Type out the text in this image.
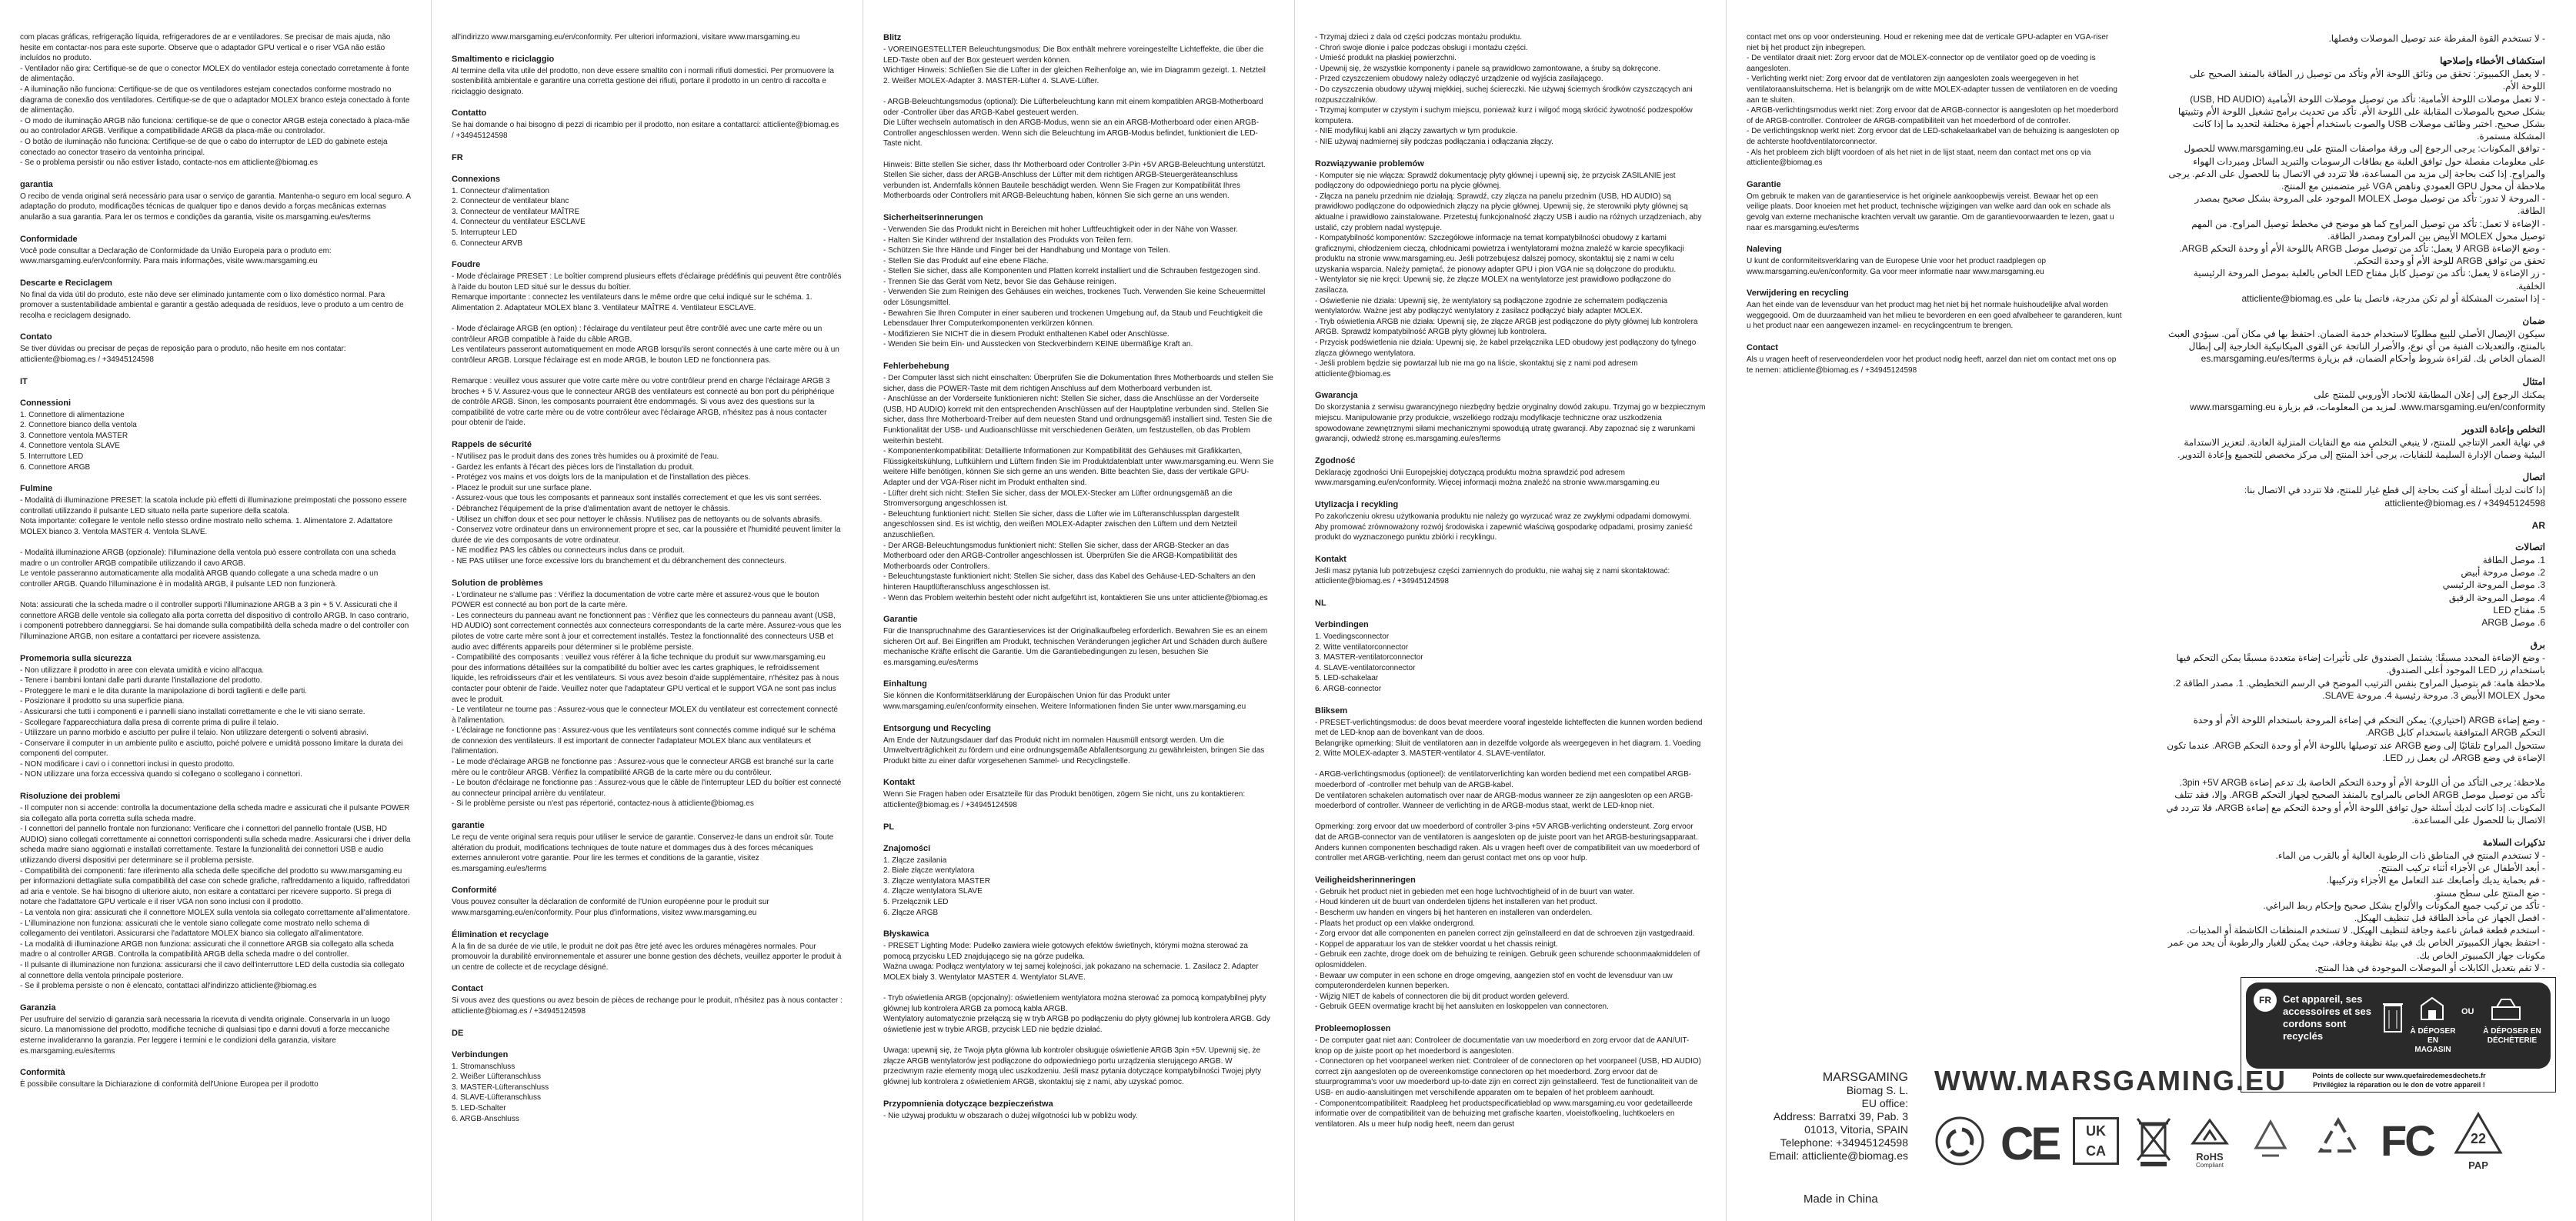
com placas gráficas, refrigeração líquida, refrigeradores de ar e ventiladores. Se precisar de mais ajuda, não hesite em contactar-nos para este suporte. Observe que o adaptador GPU vertical e o riser VGA não estão incluídos no produto.
- Ventilador não gira: Certifique-se de que o conector MOLEX do ventilador esteja conectado corretamente à fonte de alimentação.
- A iluminação não funciona: Certifique-se de que os ventiladores estejam conectados conforme mostrado no diagrama de conexão dos ventiladores. Certifique-se de que o adaptador MOLEX branco esteja conectado à fonte de alimentação.
- O modo de iluminação ARGB não funciona: certifique-se de que o conector ARGB esteja conectado à placa-mãe ou ao controlador ARGB. Verifique a compatibilidade ARGB da placa-mãe ou controlador.
- O botão de iluminação não funciona: Certifique-se de que o cabo do interruptor de LED do gabinete esteja conectado ao conector traseiro da ventoinha principal.
- Se o problema persistir ou não estiver listado, contacte-nos em atticliente@biomag.es
garantia
O recibo de venda original será necessário para usar o serviço de garantia. Mantenha-o seguro em local seguro. A adaptação do produto, modificações técnicas de qualquer tipo e danos devido a forças mecânicas externas anularão a sua garantia. Para ler os termos e condições da garantia, visite os.marsgaming.eu/es/terms
Conformidade
Você pode consultar a Declaração de Conformidade da União Europeia para o produto em: www.marsgaming.eu/en/conformity. Para mais informações, visite www.marsgaming.eu
Descarte e Reciclagem
No final da vida útil do produto, este não deve ser eliminado juntamente com o lixo doméstico normal. Para promover a sustentabilidade ambiental e garantir a gestão adequada de resíduos, leve o produto a um centro de recolha e reciclagem designado.
Contato
Se tiver dúvidas ou precisar de peças de reposição para o produto, não hesite em nos contatar: atticliente@biomag.es / +34945124598
IT
Connessioni
1. Connettore di alimentazione
2. Connettore bianco della ventola
3. Connettore ventola MASTER
4. Connettore ventola SLAVE
5. Interruttore LED
6. Connettore ARGB
Fulmine
- Modalità di illuminazione PRESET: la scatola include più effetti di illuminazione preimpostati che possono essere controllati utilizzando il pulsante LED situato nella parte superiore della scatola.
Nota importante: collegare le ventole nello stesso ordine mostrato nello schema. 1. Alimentatore 2. Adattatore MOLEX bianco 3. Ventola MASTER 4. Ventola SLAVE.

- Modalità illuminazione ARGB (opzionale): l'illuminazione della ventola può essere controllata con una scheda madre o un controller ARGB compatibile utilizzando il cavo ARGB.
Le ventole passeranno automaticamente alla modalità ARGB quando collegate a una scheda madre o un controller ARGB. Quando l'illuminazione è in modalità ARGB, il pulsante LED non funzionerà.

Nota: assicurati che la scheda madre o il controller supporti l'illuminazione ARGB a 3 pin + 5 V. Assicurati che il connettore ARGB delle ventole sia collegato alla porta corretta del dispositivo di controllo ARGB. In caso contrario, i componenti potrebbero danneggiarsi. Se hai domande sulla compatibilità della scheda madre o del controller con l'illuminazione ARGB, non esitare a contattarci per ricevere assistenza.
Promemoria sulla sicurezza
- Non utilizzare il prodotto in aree con elevata umidità e vicino all'acqua.
- Tenere i bambini lontani dalle parti durante l'installazione del prodotto.
- Proteggere le mani e le dita durante la manipolazione di bordi taglienti e delle parti.
- Posizionare il prodotto su una superficie piana.
- Assicurarsi che tutti i componenti e i pannelli siano installati correttamente e che le viti siano serrate.
- Scollegare l'apparecchiatura dalla presa di corrente prima di pulire il telaio.
- Utilizzare un panno morbido e asciutto per pulire il telaio. Non utilizzare detergenti o solventi abrasivi.
- Conservare il computer in un ambiente pulito e asciutto, poiché polvere e umidità possono limitare la durata dei componenti del computer.
- NON modificare i cavi o i connettori inclusi in questo prodotto.
- NON utilizzare una forza eccessiva quando si collegano o scollegano i connettori.
Risoluzione dei problemi
- Il computer non si accende: controlla la documentazione della scheda madre e assicurati che il pulsante POWER sia collegato alla porta corretta sulla scheda madre.
- I connettori del pannello frontale non funzionano: Verificare che i connettori del pannello frontale (USB, HD AUDIO) siano collegati correttamente ai connettori corrispondenti sulla scheda madre. Assicurarsi che i driver della scheda madre siano aggiornati e installati correttamente. Testare la funzionalità dei connettori USB e audio utilizzando diversi dispositivi per determinare se il problema persiste.
- Compatibilità dei componenti: fare riferimento alla scheda delle specifiche del prodotto su www.marsgaming.eu per informazioni dettagliate sulla compatibilità del case con schede grafiche, raffreddamento a liquido, raffreddatori ad aria e ventole. Se hai bisogno di ulteriore aiuto, non esitare a contattarci per ricevere supporto. Si prega di notare che l'adattatore GPU verticale e il riser VGA non sono inclusi con il prodotto.
- La ventola non gira: assicurati che il connettore MOLEX sulla ventola sia collegato correttamente all'alimentatore.
- L'illuminazione non funziona: assicurati che le ventole siano collegate come mostrato nello schema di collegamento dei ventilatori. Assicurarsi che l'adattatore MOLEX bianco sia collegato all'alimentatore.
- La modalità di illuminazione ARGB non funziona: assicurati che il connettore ARGB sia collegato alla scheda madre o al controller ARGB. Controlla la compatibilità ARGB della scheda madre o del controller.
- Il pulsante di illuminazione non funziona: assicurarsi che il cavo dell'interruttore LED della custodia sia collegato al connettore della ventola principale posteriore.
- Se il problema persiste o non è elencato, contattaci all'indirizzo atticliente@biomag.es
Garanzia
Per usufruire del servizio di garanzia sarà necessaria la ricevuta di vendita originale. Conservarla in un luogo sicuro. La manomissione del prodotto, modifiche tecniche di qualsiasi tipo e danni dovuti a forze meccaniche esterne invalideranno la garanzia. Per leggere i termini e le condizioni della garanzia, visitare es.marsgaming.eu/es/terms
Conformità
È possibile consultare la Dichiarazione di conformità dell'Unione Europea per il prodotto
all'indirizzo www.marsgaming.eu/en/conformity. Per ulteriori informazioni, visitare www.marsgaming.eu
Smaltimento e riciclaggio
Al termine della vita utile del prodotto, non deve essere smaltito con i normali rifiuti domestici. Per promuovere la sostenibilità ambientale e garantire una corretta gestione dei rifiuti, portare il prodotto in un centro di raccolta e riciclaggio designato.
Contatto
Se hai domande o hai bisogno di pezzi di ricambio per il prodotto, non esitare a contattarci: atticliente@biomag.es / +34945124598
FR
Connexions
1. Connecteur d'alimentation
2. Connecteur de ventilateur blanc
3. Connecteur de ventilateur MAÎTRE
4. Connecteur du ventilateur ESCLAVE
5. Interrupteur LED
6. Connecteur ARVB
Foudre
- Mode d'éclairage PRESET : Le boîtier comprend plusieurs effets d'éclairage prédéfinis qui peuvent être contrôlés à l'aide du bouton LED situé sur le dessus du boîtier.
Remarque importante : connectez les ventilateurs dans le même ordre que celui indiqué sur le schéma. 1. Alimentation 2. Adaptateur MOLEX blanc 3. Ventilateur MAÎTRE 4. Ventilateur ESCLAVE.

- Mode d'éclairage ARGB (en option) : l'éclairage du ventilateur peut être contrôlé avec une carte mère ou un contrôleur ARGB compatible à l'aide du câble ARGB.
Les ventilateurs passeront automatiquement en mode ARGB lorsqu'ils seront connectés à une carte mère ou à un contrôleur ARGB. Lorsque l'éclairage est en mode ARGB, le bouton LED ne fonctionnera pas.

Remarque : veuillez vous assurer que votre carte mère ou votre contrôleur prend en charge l'éclairage ARGB 3 broches + 5 V. Assurez-vous que le connecteur ARGB des ventilateurs est connecté au bon port du périphérique de contrôle ARGB. Sinon, les composants pourraient être endommagés. Si vous avez des questions sur la compatibilité de votre carte mère ou de votre contrôleur avec l'éclairage ARGB, n'hésitez pas à nous contacter pour obtenir de l'aide.
Rappels de sécurité
- N'utilisez pas le produit dans des zones très humides ou à proximité de l'eau.
- Gardez les enfants à l'écart des pièces lors de l'installation du produit.
- Protégez vos mains et vos doigts lors de la manipulation et de l'installation des pièces.
- Placez le produit sur une surface plane.
- Assurez-vous que tous les composants et panneaux sont installés correctement et que les vis sont serrées.
- Débranchez l'équipement de la prise d'alimentation avant de nettoyer le châssis.
- Utilisez un chiffon doux et sec pour nettoyer le châssis. N'utilisez pas de nettoyants ou de solvants abrasifs.
- Conservez votre ordinateur dans un environnement propre et sec, car la poussière et l'humidité peuvent limiter la durée de vie des composants de votre ordinateur.
- NE modifiez PAS les câbles ou connecteurs inclus dans ce produit.
- NE PAS utiliser une force excessive lors du branchement et du débranchement des connecteurs.
Solution de problèmes
- L'ordinateur ne s'allume pas : Vérifiez la documentation de votre carte mère et assurez-vous que le bouton POWER est connecté au bon port de la carte mère.
- Les connecteurs du panneau avant ne fonctionnent pas : Vérifiez que les connecteurs du panneau avant (USB, HD AUDIO) sont correctement connectés aux connecteurs correspondants de la carte mère. Assurez-vous que les pilotes de votre carte mère sont à jour et correctement installés. Testez la fonctionnalité des connecteurs USB et audio avec différents appareils pour déterminer si le problème persiste.
- Compatibilité des composants : veuillez vous référer à la fiche technique du produit sur www.marsgaming.eu pour des informations détaillées sur la compatibilité du boîtier avec les cartes graphiques, le refroidissement liquide, les refroidisseurs d'air et les ventilateurs. Si vous avez besoin d'aide supplémentaire, n'hésitez pas à nous contacter pour obtenir de l'aide. Veuillez noter que l'adaptateur GPU vertical et le support VGA ne sont pas inclus avec le produit.
- Le ventilateur ne tourne pas : Assurez-vous que le connecteur MOLEX du ventilateur est correctement connecté à l'alimentation.
- L'éclairage ne fonctionne pas : Assurez-vous que les ventilateurs sont connectés comme indiqué sur le schéma de connexion des ventilateurs. Il est important de connecter l'adaptateur MOLEX blanc aux ventilateurs et l'alimentation.
- Le mode d'éclairage ARGB ne fonctionne pas : Assurez-vous que le connecteur ARGB est branché sur la carte mère ou le contrôleur ARGB. Vérifiez la compatibilité ARGB de la carte mère ou du contrôleur.
- Le bouton d'éclairage ne fonctionne pas : Assurez-vous que le câble de l'interrupteur LED du boîtier est connecté au connecteur principal arrière du ventilateur.
- Si le problème persiste ou n'est pas répertorié, contactez-nous à atticliente@biomag.es
garantie
Le reçu de vente original sera requis pour utiliser le service de garantie. Conservez-le dans un endroit sûr. Toute altération du produit, modifications techniques de toute nature et dommages dus à des forces mécaniques externes annuleront votre garantie. Pour lire les termes et conditions de la garantie, visitez es.marsgaming.eu/es/terms
Conformité
Vous pouvez consulter la déclaration de conformité de l'Union européenne pour le produit sur www.marsgaming.eu/en/conformity. Pour plus d'informations, visitez www.marsgaming.eu
Élimination et recyclage
À la fin de sa durée de vie utile, le produit ne doit pas être jeté avec les ordures ménagères normales. Pour promouvoir la durabilité environnementale et assurer une bonne gestion des déchets, veuillez apporter le produit à un centre de collecte et de recyclage désigné.
Contact
Si vous avez des questions ou avez besoin de pièces de rechange pour le produit, n'hésitez pas à nous contacter : atticliente@biomag.es / +34945124598
DE
Verbindungen
1. Stromanschluss
2. Weißer Lüfteranschluss
3. MASTER-Lüfteranschluss
4. SLAVE-Lüfteranschluss
5. LED-Schalter
6. ARGB-Anschluss
Blitz
- VOREINGESTELLTER Beleuchtungsmodus: Die Box enthält mehrere voreingestellte Lichteffekte, die über die LED-Taste oben auf der Box gesteuert werden können.
Wichtiger Hinweis: Schließen Sie die Lüfter in der gleichen Reihenfolge an, wie im Diagramm gezeigt. 1. Netzteil 2. Weißer MOLEX-Adapter 3. MASTER-Lüfter 4. SLAVE-Lüfter.

- ARGB-Beleuchtungsmodus (optional): Die Lüfterbeleuchtung kann mit einem kompatiblen ARGB-Motherboard oder -Controller über das ARGB-Kabel gesteuert werden.
Die Lüfter wechseln automatisch in den ARGB-Modus, wenn sie an ein ARGB-Motherboard oder einen ARGB-Controller angeschlossen werden. Wenn sich die Beleuchtung im ARGB-Modus befindet, funktioniert die LED-Taste nicht.

Hinweis: Bitte stellen Sie sicher, dass Ihr Motherboard oder Controller 3-Pin +5V ARGB-Beleuchtung unterstützt. Stellen Sie sicher, dass der ARGB-Anschluss der Lüfter mit dem richtigen ARGB-Steuergeräteanschluss verbunden ist. Andernfalls können Bauteile beschädigt werden. Wenn Sie Fragen zur Kompatibilität Ihres Motherboards oder Controllers mit ARGB-Beleuchtung haben, können Sie sich gerne an uns wenden.
Sicherheitserinnerungen
- Verwenden Sie das Produkt nicht in Bereichen mit hoher Luftfeuchtigkeit oder in der Nähe von Wasser.
- Halten Sie Kinder während der Installation des Produkts von Teilen fern.
- Schützen Sie Ihre Hände und Finger bei der Handhabung und Montage von Teilen.
- Stellen Sie das Produkt auf eine ebene Fläche.
- Stellen Sie sicher, dass alle Komponenten und Platten korrekt installiert und die Schrauben festgezogen sind.
- Trennen Sie das Gerät vom Netz, bevor Sie das Gehäuse reinigen.
- Verwenden Sie zum Reinigen des Gehäuses ein weiches, trockenes Tuch. Verwenden Sie keine Scheuermittel oder Lösungsmittel.
- Bewahren Sie Ihren Computer in einer sauberen und trockenen Umgebung auf, da Staub und Feuchtigkeit die Lebensdauer Ihrer Computerkomponenten verkürzen können.
- Modifizieren Sie NICHT die in diesem Produkt enthaltenen Kabel oder Anschlüsse.
- Wenden Sie beim Ein- und Ausstecken von Steckverbindern KEINE übermäßige Kraft an.
Fehlerbehebung
- Der Computer lässt sich nicht einschalten: Überprüfen Sie die Dokumentation Ihres Motherboards und stellen Sie sicher, dass die POWER-Taste mit dem richtigen Anschluss auf dem Motherboard verbunden ist.
- Anschlüsse an der Vorderseite funktionieren nicht: Stellen Sie sicher, dass die Anschlüsse an der Vorderseite (USB, HD AUDIO) korrekt mit den entsprechenden Anschlüssen auf der Hauptplatine verbunden sind. Stellen Sie sicher, dass Ihre Motherboard-Treiber auf dem neuesten Stand und ordnungsgemäß installiert sind. Testen Sie die Funktionalität der USB- und Audioanschlüsse mit verschiedenen Geräten, um festzustellen, ob das Problem weiterhin besteht.
- Komponentenkompatibilität: Detaillierte Informationen zur Kompatibilität des Gehäuses mit Grafikkarten, Flüssigkeitskühlung, Luftkühlern und Lüftern finden Sie im Produktdatenblatt unter www.marsgaming.eu. Wenn Sie weitere Hilfe benötigen, können Sie sich gerne an uns wenden. Bitte beachten Sie, dass der vertikale GPU-Adapter und der VGA-Riser nicht im Produkt enthalten sind.
- Lüfter dreht sich nicht: Stellen Sie sicher, dass der MOLEX-Stecker am Lüfter ordnungsgemäß an die Stromversorgung angeschlossen ist.
- Beleuchtung funktioniert nicht: Stellen Sie sicher, dass die Lüfter wie im Lüfteranschlussplan dargestellt angeschlossen sind. Es ist wichtig, den weißen MOLEX-Adapter zwischen den Lüftern und dem Netzteil anzuschließen.
- Der ARGB-Beleuchtungsmodus funktioniert nicht: Stellen Sie sicher, dass der ARGB-Stecker an das Motherboard oder den ARGB-Controller angeschlossen ist. Überprüfen Sie die ARGB-Kompatibilität des Motherboards oder Controllers.
- Beleuchtungstaste funktioniert nicht: Stellen Sie sicher, dass das Kabel des Gehäuse-LED-Schalters an den hinteren Hauptlüfteranschluss angeschlossen ist.
- Wenn das Problem weiterhin besteht oder nicht aufgeführt ist, kontaktieren Sie uns unter atticliente@biomag.es
Garantie
Für die Inanspruchnahme des Garantieservices ist der Originalkaufbeleg erforderlich. Bewahren Sie es an einem sicheren Ort auf. Bei Eingriffen am Produkt, technischen Veränderungen jeglicher Art und Schäden durch äußere mechanische Kräfte erlischt die Garantie. Um die Garantiebedingungen zu lesen, besuchen Sie es.marsgaming.eu/es/terms
Einhaltung
Sie können die Konformitätserklärung der Europäischen Union für das Produkt unter www.marsgaming.eu/en/conformity einsehen. Weitere Informationen finden Sie unter www.marsgaming.eu
Entsorgung und Recycling
Am Ende der Nutzungsdauer darf das Produkt nicht im normalen Hausmüll entsorgt werden. Um die Umweltverträglichkeit zu fördern und eine ordnungsgemäße Abfallentsorgung zu gewährleisten, bringen Sie das Produkt bitte zu einer dafür vorgesehenen Sammel- und Recyclingstelle.
Kontakt
Wenn Sie Fragen haben oder Ersatzteile für das Produkt benötigen, zögern Sie nicht, uns zu kontaktieren: atticliente@biomag.es / +34945124598
PL
Znajomości
1. Złącze zasilania
2. Białe złącze wentylatora
3. Złącze wentylatora MASTER
4. Złącze wentylatora SLAVE
5. Przełącznik LED
6. Złącze ARGB
Błyskawica
- PRESET Lighting Mode: Pudełko zawiera wiele gotowych efektów świetlnych, którymi można sterować za pomocą przycisku LED znajdującego się na górze pudełka.
Ważna uwaga: Podłącz wentylatory w tej samej kolejności, jak pokazano na schemacie. 1. Zasilacz 2. Adapter MOLEX biały 3. Wentylator MASTER 4. Wentylator SLAVE.

- Tryb oświetlenia ARGB (opcjonalny): oświetleniem wentylatora można sterować za pomocą kompatybilnej płyty głównej lub kontrolera ARGB za pomocą kabla ARGB.
Wentylatory automatycznie przełączą się w tryb ARGB po podłączeniu do płyty głównej lub kontrolera ARGB. Gdy oświetlenie jest w trybie ARGB, przycisk LED nie będzie działać.

Uwaga: upewnij się, że Twoja płyta główna lub kontroler obsługuje oświetlenie ARGB 3pin +5V. Upewnij się, że złącze ARGB wentylatorów jest podłączone do odpowiedniego portu urządzenia sterującego ARGB. W przeciwnym razie elementy mogą ulec uszkodzeniu. Jeśli masz pytania dotyczące kompatybilności Twojej płyty głównej lub kontrolera z oświetleniem ARGB, skontaktuj się z nami, aby uzyskać pomoc.
Przypomnienia dotyczące bezpieczeństwa
- Nie używaj produktu w obszarach o dużej wilgotności lub w pobliżu wody.
- Trzymaj dzieci z dala od części podczas montażu produktu.
- Chroń swoje dłonie i palce podczas obsługi i montażu części.
- Umieść produkt na płaskiej powierzchni.
- Upewnij się, że wszystkie komponenty i panele są prawidłowo zamontowane, a śruby są dokręcone.
- Przed czyszczeniem obudowy należy odłączyć urządzenie od wyjścia zasilającego.
- Do czyszczenia obudowy używaj miękkiej, suchej ściereczki. Nie używaj ściernych środków czyszczących ani rozpuszczalników.
- Trzymaj komputer w czystym i suchym miejscu, ponieważ kurz i wilgoć mogą skrócić żywotność podzespołów komputera.
- NIE modyfikuj kabli ani złączy zawartych w tym produkcie.
- NIE używaj nadmiernej siły podczas podłączania i odłączania złączy.
Rozwiązywanie problemów
- Komputer się nie włącza: Sprawdź dokumentację płyty głównej i upewnij się, że przycisk ZASILANIE jest podłączony do odpowiedniego portu na płycie głównej.
- Złącza na panelu przednim nie działają: Sprawdź, czy złącza na panelu przednim (USB, HD AUDIO) są prawidłowo podłączone do odpowiednich złączy na płycie głównej. Upewnij się, że sterowniki płyty głównej są aktualne i prawidłowo zainstalowane. Przetestuj funkcjonalność złączy USB i audio na różnych urządzeniach, aby ustalić, czy problem nadal występuje.
- Kompatybilność komponentów: Szczegółowe informacje na temat kompatybilności obudowy z kartami graficznymi, chłodzeniem cieczą, chłodnicami powietrza i wentylatorami można znaleźć w karcie specyfikacji produktu na stronie www.marsgaming.eu. Jeśli potrzebujesz dalszej pomocy, skontaktuj się z nami w celu uzyskania wsparcia. Należy pamiętać, że pionowy adapter GPU i pion VGA nie są dołączone do produktu.
- Wentylator się nie kręci: Upewnij się, że złącze MOLEX na wentylatorze jest prawidłowo podłączone do zasilacza.
- Oświetlenie nie działa: Upewnij się, że wentylatory są podłączone zgodnie ze schematem podłączenia wentylatorów. Ważne jest aby podłączyć wentylatory z zasilacz podłączyć biały adapter MOLEX.
- Tryb oświetlenia ARGB nie działa: Upewnij się, że złącze ARGB jest podłączone do płyty głównej lub kontrolera ARGB. Sprawdź kompatybilność ARGB płyty głównej lub kontrolera.
- Przycisk podświetlenia nie działa: Upewnij się, że kabel przełącznika LED obudowy jest podłączony do tylnego złącza głównego wentylatora.
- Jeśli problem będzie się powtarzał lub nie ma go na liście, skontaktuj się z nami pod adresem atticliente@biomag.es
Gwarancja
Do skorzystania z serwisu gwarancyjnego niezbędny będzie oryginalny dowód zakupu. Trzymaj go w bezpiecznym miejscu. Manipulowanie przy produkcie, wszelkiego rodzaju modyfikacje techniczne oraz uszkodzenia spowodowane zewnętrznymi siłami mechanicznymi spowodują utratę gwarancji. Aby zapoznać się z warunkami gwarancji, odwiedź stronę es.marsgaming.eu/es/terms
Zgodność
Deklarację zgodności Unii Europejskiej dotyczącą produktu można sprawdzić pod adresem www.marsgaming.eu/en/conformity. Więcej informacji można znaleźć na stronie www.marsgaming.eu
Utylizacja i recykling
Po zakończeniu okresu użytkowania produktu nie należy go wyrzucać wraz ze zwykłymi odpadami domowymi. Aby promować zrównoważony rozwój środowiska i zapewnić właściwą gospodarkę odpadami, prosimy zanieść produkt do wyznaczonego punktu zbiórki i recyklingu.
Kontakt
Jeśli masz pytania lub potrzebujesz części zamiennych do produktu, nie wahaj się z nami skontaktować: atticliente@biomag.es / +34945124598
NL
Verbindingen
1. Voedingsconnector
2. Witte ventilatorconnector
3. MASTER-ventilatorconnector
4. SLAVE-ventilatorconnector
5. LED-schakelaar
6. ARGB-connector
Bliksem
- PRESET-verlichtingsmodus: de doos bevat meerdere vooraf ingestelde lichteffecten die kunnen worden bediend met de LED-knop aan de bovenkant van de doos.
Belangrijke opmerking: Sluit de ventilatoren aan in dezelfde volgorde als weergegeven in het diagram. 1. Voeding 2. Witte MOLEX-adapter 3. MASTER-ventilator 4. SLAVE-ventilator.

- ARGB-verlichtingsmodus (optioneel): de ventilatorverlichting kan worden bediend met een compatibel ARGB-moederbord of -controller met behulp van de ARGB-kabel.
De ventilatoren schakelen automatisch over naar de ARGB-modus wanneer ze zijn aangesloten op een ARGB-moederbord of controller. Wanneer de verlichting in de ARGB-modus staat, werkt de LED-knop niet.

Opmerking: zorg ervoor dat uw moederbord of controller 3-pins +5V ARGB-verlichting ondersteunt. Zorg ervoor dat de ARGB-connector van de ventilatoren is aangesloten op de juiste poort van het ARGB-besturingsapparaat. Anders kunnen componenten beschadigd raken. Als u vragen heeft over de compatibiliteit van uw moederbord of controller met ARGB-verlichting, neem dan gerust contact met ons op voor hulp.
Veiligheidsherinneringen
- Gebruik het product niet in gebieden met een hoge luchtvochtigheid of in de buurt van water.
- Houd kinderen uit de buurt van onderdelen tijdens het installeren van het product.
- Bescherm uw handen en vingers bij het hanteren en installeren van onderdelen.
- Plaats het product op een vlakke ondergrond.
- Zorg ervoor dat alle componenten en panelen correct zijn geïnstalleerd en dat de schroeven zijn vastgedraaid.
- Koppel de apparatuur los van de stekker voordat u het chassis reinigt.
- Gebruik een zachte, droge doek om de behuizing te reinigen. Gebruik geen schurende schoonmaakmiddelen of oplosmiddelen.
- Bewaar uw computer in een schone en droge omgeving, aangezien stof en vocht de levensduur van uw computeronderdelen kunnen beperken.
- Wijzig NIET de kabels of connectoren die bij dit product worden geleverd.
- Gebruik GEEN overmatige kracht bij het aansluiten en loskoppelen van connectoren.
Probleemoplossen
- De computer gaat niet aan: Controleer de documentatie van uw moederbord en zorg ervoor dat de AAN/UIT-knop op de juiste poort op het moederbord is aangesloten.
- Connectoren op het voorpaneel werken niet: Controleer of de connectoren op het voorpaneel (USB, HD AUDIO) correct zijn aangesloten op de overeenkomstige connectoren op het moederbord. Zorg ervoor dat de stuurprogramma's voor uw moederbord up-to-date zijn en correct zijn geïnstalleerd. Test de functionaliteit van de USB- en audio-aansluitingen met verschillende apparaten om te bepalen of het probleem aanhoudt.
- Componentcompatibiliteit: Raadpleeg het productspecificatieblad op www.marsgaming.eu voor gedetailleerde informatie over de compatibiliteit van de behuizing met grafische kaarten, vloeistofkoeling, luchtkoelers en ventilatoren. Als u meer hulp nodig heeft, neem dan gerust
contact met ons op voor ondersteuning. Houd er rekening mee dat de verticale GPU-adapter en VGA-riser niet bij het product zijn inbegrepen.
- De ventilator draait niet: Zorg ervoor dat de MOLEX-connector op de ventilator goed op de voeding is aangesloten.
- Verlichting werkt niet: Zorg ervoor dat de ventilatoren zijn aangesloten zoals weergegeven in het ventilatoraansluitschema. Het is belangrijk om de witte MOLEX-adapter tussen de ventilatoren en de voeding aan te sluiten.
- ARGB-verlichtingsmodus werkt niet: Zorg ervoor dat de ARGB-connector is aangesloten op het moederbord of de ARGB-controller. Controleer de ARGB-compatibiliteit van het moederbord of de controller.
- De verlichtingsknop werkt niet: Zorg ervoor dat de LED-schakelaarkabel van de behuizing is aangesloten op de achterste hoofdventilatorconnector.
- Als het probleem zich blijft voordoen of als het niet in de lijst staat, neem dan contact met ons op via atticliente@biomag.es
Garantie
Om gebruik te maken van de garantieservice is het originele aankoopbewijs vereist. Bewaar het op een veilige plaats. Door knoeien met het product, technische wijzigingen van welke aard dan ook en schade als gevolg van externe mechanische krachten vervalt uw garantie. Om de garantievoorwaarden te lezen, gaat u naar es.marsgaming.eu/es/terms
Naleving
U kunt de conformiteitsverklaring van de Europese Unie voor het product raadplegen op www.marsgaming.eu/en/conformity. Ga voor meer informatie naar www.marsgaming.eu
Verwijdering en recycling
Aan het einde van de levensduur van het product mag het niet bij het normale huishoudelijke afval worden weggegooid. Om de duurzaamheid van het milieu te bevorderen en een goed afvalbeheer te garanderen, kunt u het product naar een aangewezen inzamel- en recyclingcentrum te brengen.
Contact
Als u vragen heeft of reserveonderdelen voor het product nodig heeft, aarzel dan niet om contact met ons op te nemen: atticliente@biomag.es / +34945124598
- لا تستخدم القوة المفرطة عند توصيل الموصلات وفصلها.
استكشاف الأخطاء وإصلاحها
- لا يعمل الكمبيوتر: تحقق من وثائق اللوحة الأم وتأكد من توصيل زر الطاقة بالمنفذ الصحيح على اللوحة الأم.
- لا تعمل موصلات اللوحة الأمامية: تأكد من توصيل موصلات اللوحة الأمامية (USB, HD AUDIO) بشكل صحيح بالموصلات المقابلة على اللوحة الأم. تأكد من تحديث برامج تشغيل اللوحة الأم وتثبيتها بشكل صحيح. اختبر وظائف موصلات USB والصوت باستخدام أجهزة مختلفة لتحديد ما إذا كانت المشكلة مستمرة.
- توافق المكونات: يرجى الرجوع إلى ورقة مواصفات المنتج على www.marsgaming.eu للحصول على معلومات مفصلة حول توافق العلبة مع بطاقات الرسومات والتبريد السائل ومبردات الهواء والمراوح. إذا كنت بحاجة إلى مزيد من المساعدة، فلا تتردد في الاتصال بنا للحصول على الدعم. يرجى ملاحظة أن محول GPU العمودي وناهض VGA غير متضمنين مع المنتج.
- المروحة لا تدور: تأكد من توصيل موصل MOLEX الموجود على المروحة بشكل صحيح بمصدر الطاقة.
- الإضاءة لا تعمل: تأكد من توصيل المراوح كما هو موضح في مخطط توصيل المراوح. من المهم توصيل محول MOLEX الأبيض بين المراوح ومصدر الطاقة.
- وضع الإضاءة ARGB لا يعمل: تأكد من توصيل موصل ARGB باللوحة الأم أو وحدة التحكم ARGB. تحقق من توافق ARGB للوحة الأم أو وحدة التحكم.
- زر الإضاءة لا يعمل: تأكد من توصيل كابل مفتاح LED الخاص بالعلبة بموصل المروحة الرئيسية الخلفية.
- إذا استمرت المشكلة أو لم تكن مدرجة، فاتصل بنا على atticliente@biomag.es
ضمان
سيكون الإيصال الأصلي للبيع مطلوبًا لاستخدام خدمة الضمان. احتفظ بها في مكان آمن. سيؤدي العبث بالمنتج، والتعديلات الفنية من أي نوع، والأضرار الناتجة عن القوى الميكانيكية الخارجية إلى إبطال الضمان الخاص بك. لقراءة شروط وأحكام الضمان، قم بزيارة es.marsgaming.eu/es/terms
امتثال
يمكنك الرجوع إلى إعلان المطابقة للاتحاد الأوروبي للمنتج على www.marsgaming.eu/en/conformity. لمزيد من المعلومات، قم بزيارة www.marsgaming.eu
التخلص وإعادة التدوير
في نهاية العمر الإنتاجي للمنتج، لا ينبغي التخلص منه مع النفايات المنزلية العادية. لتعزيز الاستدامة البيئية وضمان الإدارة السليمة للنفايات، يرجى أخذ المنتج إلى مركز مخصص للتجميع وإعادة التدوير.
اتصال
إذا كانت لديك أسئلة أو كنت بحاجة إلى قطع غيار للمنتج، فلا تتردد في الاتصال بنا: atticliente@biomag.es / +34945124598
AR
اتصالات
1. موصل الطاقة
2. موصل مروحة أبيض
3. موصل المروحة الرئيسي
4. موصل المروحة الرقيق
5. مفتاح LED
6. موصل ARGB
برق
- وضع الإضاءة المحدد مسبقًا: يشتمل الصندوق على تأثيرات إضاءة متعددة مسبقًا يمكن التحكم فيها باستخدام زر LED الموجود أعلى الصندوق.
ملاحظة هامة: قم بتوصيل المراوح بنفس الترتيب الموضح في الرسم التخطيطي. 1. مصدر الطاقة 2. محول MOLEX الأبيض 3. مروحة رئيسية 4. مروحة SLAVE.

- وضع إضاءة ARGB (اختياري): يمكن التحكم في إضاءة المروحة باستخدام اللوحة الأم أو وحدة التحكم ARGB المتوافقة باستخدام كابل ARGB.
ستتحول المراوح تلقائيًا إلى وضع ARGB عند توصيلها باللوحة الأم أو وحدة التحكم ARGB. عندما تكون الإضاءة في وضع ARGB، لن يعمل زر LED.

ملاحظة: يرجى التأكد من أن اللوحة الأم أو وحدة التحكم الخاصة بك تدعم إضاءة 3pin +5V ARGB. تأكد من توصيل موصل ARGB الخاص بالمراوح بالمنفذ الصحيح لجهاز التحكم ARGB. وإلا، فقد تتلف المكونات. إذا كانت لديك أسئلة حول توافق اللوحة الأم أو وحدة التحكم مع إضاءة ARGB، فلا تتردد في الاتصال بنا للحصول على المساعدة.
تذكيرات السلامة
- لا تستخدم المنتج في المناطق ذات الرطوبة العالية أو بالقرب من الماء.
- أبعد الأطفال عن الأجزاء أثناء تركيب المنتج.
- قم بحماية يديك وأصابعك عند التعامل مع الأجزاء وتركيبها.
- ضع المنتج على سطح مستوٍ.
- تأكد من تركيب جميع المكونات والألواح بشكل صحيح وإحكام ربط البراغي.
- افصل الجهاز عن مأخذ الطاقة قبل تنظيف الهيكل.
- استخدم قطعة قماش ناعمة وجافة لتنظيف الهيكل. لا تستخدم المنظفات الكاشطة أو المذيبات.
- احتفظ بجهاز الكمبيوتر الخاص بك في بيئة نظيفة وجافة، حيث يمكن للغبار والرطوبة أن يحد من عمر مكونات جهاز الكمبيوتر الخاص بك.
- لا تقم بتعديل الكابلات أو الموصلات الموجودة في هذا المنتج.
FR	Cet appareil, ses accessoires et ses cordons sont recyclés	À DÉPOSER EN MAGASIN
OU
À DÉPOSER EN DÉCHÈTERIE
Points de collecte sur www.quefairedemesdechets.fr
Privilégiez la réparation ou le don de votre appareil !
MARSGAMING
Biomag S. L.
EU office:
Address: Barratxi 39, Pab. 3
01013, Vitoria, SPAIN
Telephone: +34945124598
Email: atticliente@biomag.es
Made in China
WWW.MARSGAMING.EU
CE	UK CA	RoHS
Compliant
FC	22
PAP
